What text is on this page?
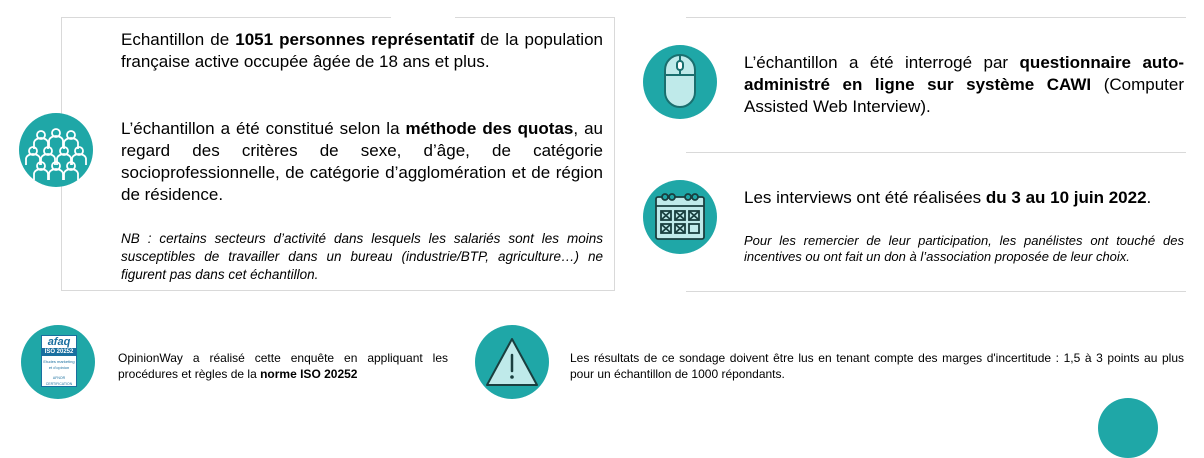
Echantillon de 1051 personnes représentatif de la population française active occupée âgée de 18 ans et plus.
L’échantillon a été constitué selon la méthode des quotas, au regard des critères de sexe, d’âge, de catégorie socioprofessionnelle, de catégorie d’agglomération et de région de résidence.
NB : certains secteurs d’activité dans lesquels les salariés sont les moins susceptibles de travailler dans un bureau (industrie/BTP, agriculture…) ne figurent pas dans cet échantillon.
L’échantillon a été interrogé par questionnaire auto-administré en ligne sur système CAWI (Computer Assisted Web Interview).
Les interviews ont été réalisées du 3 au 10 juin 2022.
Pour les remercier de leur participation, les panélistes ont touché des incentives ou ont fait un don à l’association proposée de leur choix.
afaq
ISO 20252
Etudes marketing
et d'opinion
AFNOR CERTIFICATION
OpinionWay a réalisé cette enquête en appliquant les procédures et règles de la norme ISO 20252
Les résultats de ce sondage doivent être lus en tenant compte des marges d'incertitude : 1,5 à 3 points au plus pour un échantillon de 1000 répondants.
